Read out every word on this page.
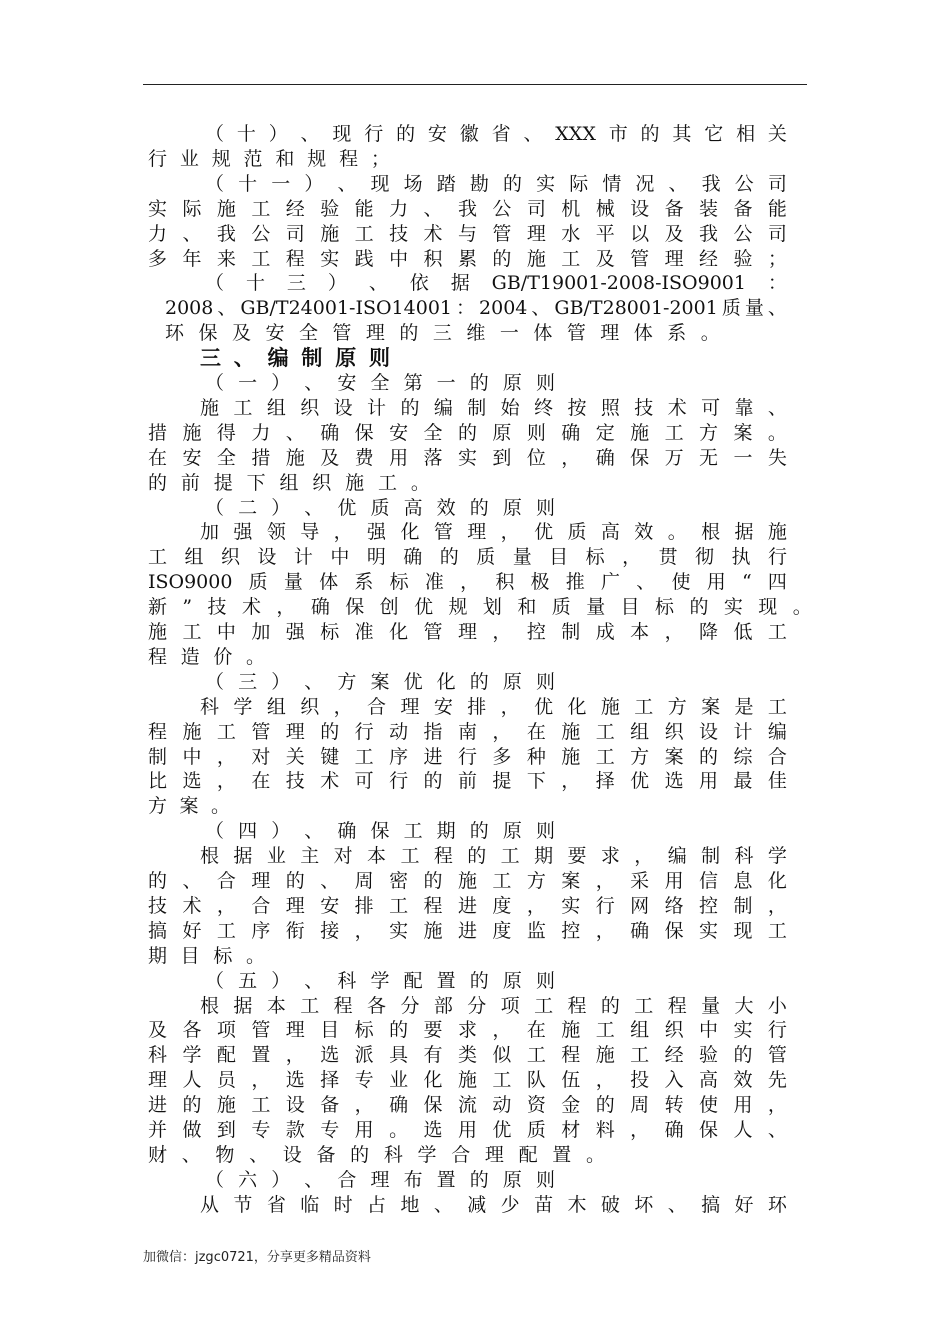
（ 十 ） 、 现 行 的 安 徽 省 、 XXX 市 的 其 它 相 关
行 业 规 范 和 规 程 ；
（ 十 一 ） 、 现 场 踏 勘 的 实 际 情 况 、 我 公 司
实 际 施 工 经 验 能 力 、 我 公 司 机 械 设 备 装 备 能
力 、 我 公 司 施 工 技 术 与 管 理 水 平 以 及 我 公 司
多 年 来 工 程 实 践 中 积 累 的 施 工 及 管 理 经 验 ；
（ 十 三 ） 、 依 据 GB/T19001-2008-ISO9001 ：
2008 、 GB/T24001-ISO14001 ： 2004 、 GB/T28001-2001 质 量 、
环 保 及 安 全 管 理 的 三 维 一 体 管 理 体 系 。
三 、 编 制 原 则
（ 一 ） 、 安 全 第 一 的 原 则
施 工 组 织 设 计 的 编 制 始 终 按 照 技 术 可 靠 、
措 施 得 力 、 确 保 安 全 的 原 则 确 定 施 工 方 案 。
在 安 全 措 施 及 费 用 落 实 到 位 ， 确 保 万 无 一 失
的 前 提 下 组 织 施 工 。
（ 二 ） 、 优 质 高 效 的 原 则
加 强 领 导 ， 强 化 管 理 ， 优 质 高 效 。 根 据 施
工 组 织 设 计 中 明 确 的 质 量 目 标 ， 贯 彻 执 行
ISO9000 质 量 体 系 标 准 ， 积 极 推 广 、 使 用 “ 四
新 ” 技 术 ， 确 保 创 优 规 划 和 质 量 目 标 的 实 现 。
施 工 中 加 强 标 准 化 管 理 ， 控 制 成 本 ， 降 低 工
程 造 价 。
（ 三 ） 、 方 案 优 化 的 原 则
科 学 组 织 ， 合 理 安 排 ， 优 化 施 工 方 案 是 工
程 施 工 管 理 的 行 动 指 南 ， 在 施 工 组 织 设 计 编
制 中 ， 对 关 键 工 序 进 行 多 种 施 工 方 案 的 综 合
比 选 ， 在 技 术 可 行 的 前 提 下 ， 择 优 选 用 最 佳
方 案 。
（ 四 ） 、 确 保 工 期 的 原 则
根 据 业 主 对 本 工 程 的 工 期 要 求 ， 编 制 科 学
的 、 合 理 的 、 周 密 的 施 工 方 案 ， 采 用 信 息 化
技 术 ， 合 理 安 排 工 程 进 度 ， 实 行 网 络 控 制 ，
搞 好 工 序 衔 接 ， 实 施 进 度 监 控 ， 确 保 实 现 工
期 目 标 。
（ 五 ） 、 科 学 配 置 的 原 则
根 据 本 工 程 各 分 部 分 项 工 程 的 工 程 量 大 小
及 各 项 管 理 目 标 的 要 求 ， 在 施 工 组 织 中 实 行
科 学 配 置 ， 选 派 具 有 类 似 工 程 施 工 经 验 的 管
理 人 员 ， 选 择 专 业 化 施 工 队 伍 ， 投 入 高 效 先
进 的 施 工 设 备 ， 确 保 流 动 资 金 的 周 转 使 用 ，
并 做 到 专 款 专 用 。 选 用 优 质 材 料 ， 确 保 人 、
财 、 物 、 设 备 的 科 学 合 理 配 置 。
（ 六 ） 、 合 理 布 置 的 原 则
从 节 省 临 时 占 地 、 减 少 苗 木 破 坏 、 搞 好 环
加微信：jzgc0721，分享更多精品资料
